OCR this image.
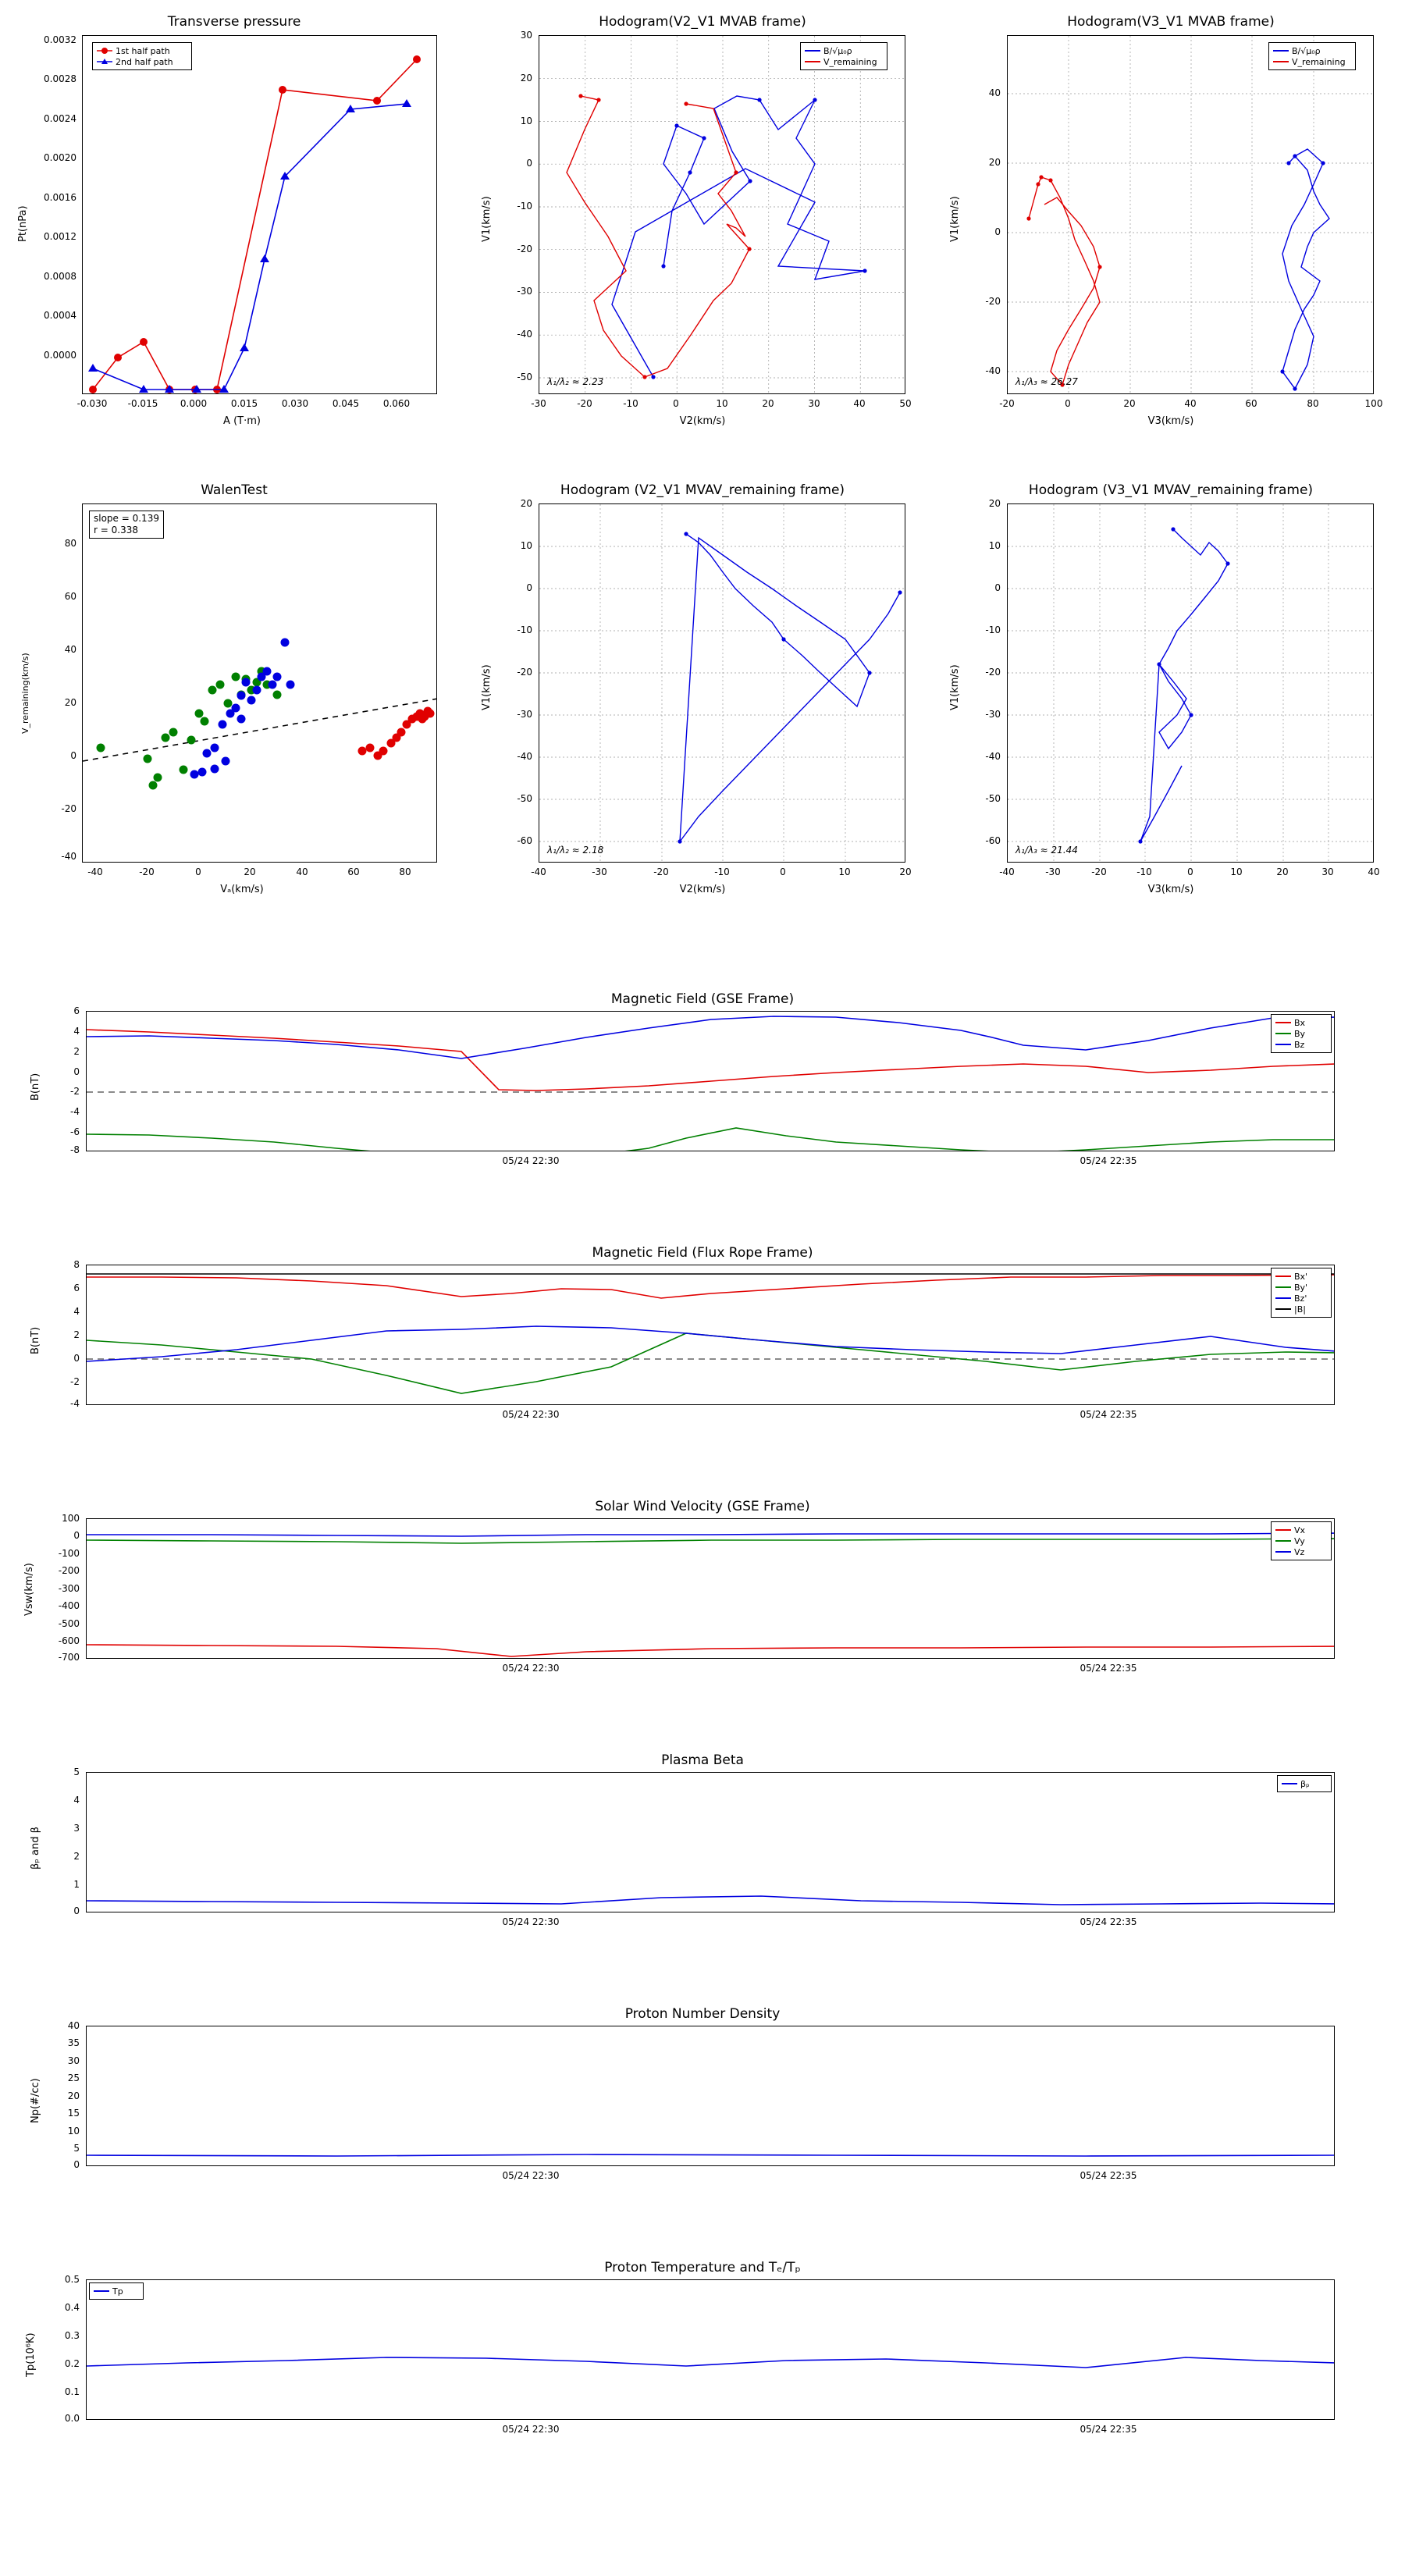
Transverse pressure
1st half path
2nd half path
0.0032
0.0028
0.0024
0.0020
0.0016
0.0012
0.0008
0.0004
0.0000
-0.030 -0.015 0.000	0.015	0.030	0.045	0.060
A (T·m)
Pt(nPa)
Hodogram(V2_V1 MVAB frame)
B/√μ₀ρ
V_remaining
λ₁/λ₂ ≈ 2.23
30
20
10
0
-10
-20
-30
-40
-50
-30	-20	-10	0	10	20	30	40	50
V2(km/s)
V1(km/s)
Hodogram(V3_V1 MVAB frame)
B/√μ₀ρ
V_remaining
λ₁/λ₃ ≈ 26.27
40
20
0
-20
-40
-20	0	20	40	60	80	100
V3(km/s)
V1(km/s)
WalenTest
slope = 0.139
r = 0.338
80
60
40
20
0
-20
-40
-40	-20	0	20	40	60	80
Vₐ(km/s)
V_remaining(km/s)
Hodogram (V2_V1 MVAV_remaining frame)
λ₁/λ₂ ≈ 2.18
20
10
0
-10
-20
-30
-40
-50
-60
-40	-30	-20	-10	0	10	20
V2(km/s)
V1(km/s)
Hodogram (V3_V1 MVAV_remaining frame)
λ₁/λ₃ ≈ 21.44
20
10
0
-10
-20
-30
-40
-50
-60
-40	-30	-20	-10	0	10	20	30	40
V3(km/s)
V1(km/s)
Magnetic Field (GSE Frame)
Bx
By
Bz
6
4
2
0
-2
-4
-6
-8
05/24 22:30	05/24 22:35
B(nT)
Magnetic Field (Flux Rope Frame)
Bx'
By'
Bz'
|B|
8
6
4
2
0
-2
-4
05/24 22:30	05/24 22:35
B(nT)
Solar Wind Velocity (GSE Frame)
Vx
Vy
Vz
100
0
-100
-200
-300
-400
-500
-600
-700
05/24 22:30	05/24 22:35
Vsw(km/s)
Plasma Beta
βₚ
5
4
3
2
1
0
05/24 22:30	05/24 22:35
βₚ and β
Proton Number Density
40
35
30
25
20
15
10
5
0
05/24 22:30	05/24 22:35
Np(#/cc)
Proton Temperature and Tₑ/Tₚ
Tp
0.5
0.4
0.3
0.2
0.1
0.0
05/24 22:30	05/24 22:35
Tp(10⁶K)
